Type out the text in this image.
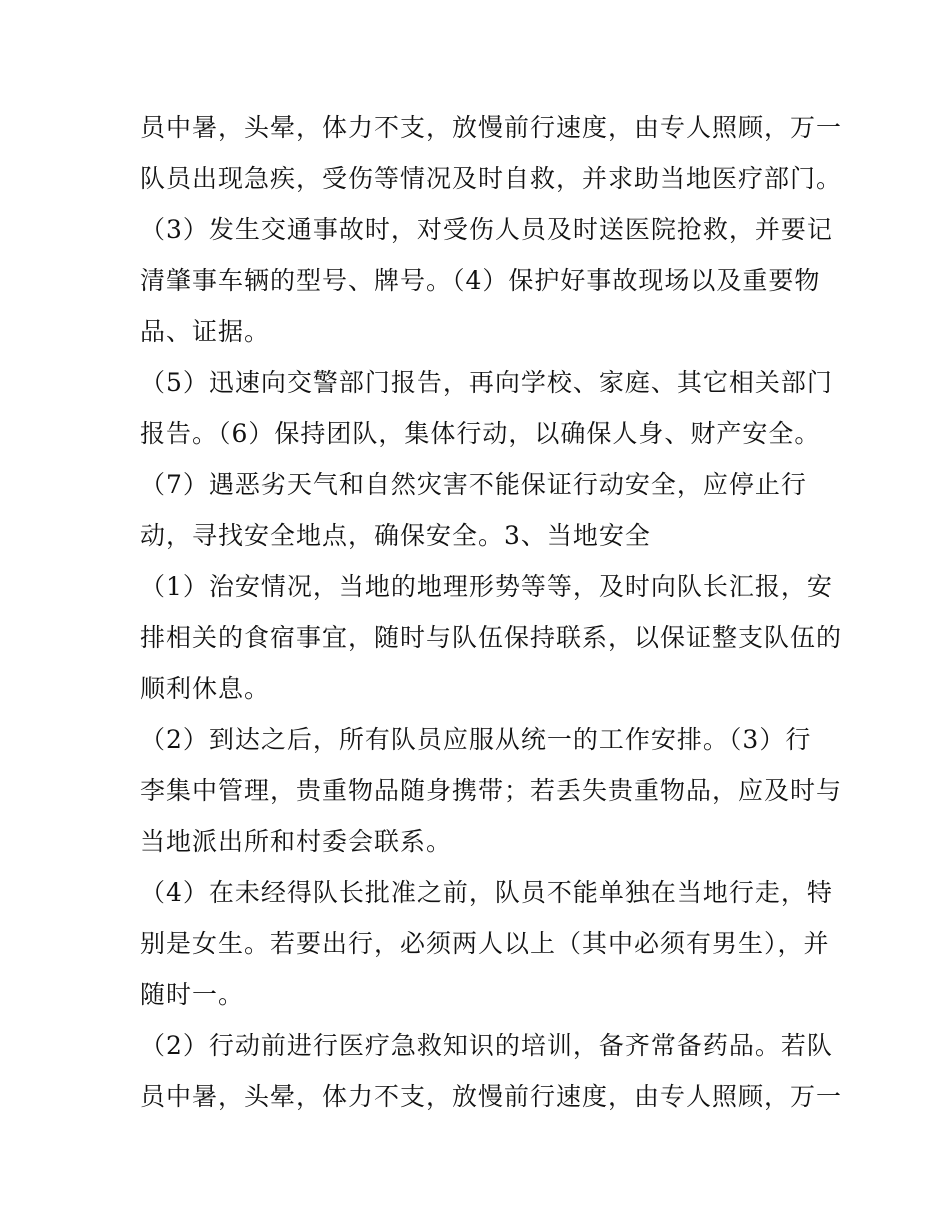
员中暑，头晕，体力不支，放慢前行速度，由专人照顾，万一
队员出现急疾，受伤等情况及时自救，并求助当地医疗部门。
（3）发生交通事故时，对受伤人员及时送医院抢救，并要记
清肇事车辆的型号、牌号。（4）保护好事故现场以及重要物
品、证据。
（5）迅速向交警部门报告，再向学校、家庭、其它相关部门
报告。（6）保持团队，集体行动，以确保人身、财产安全。
（7）遇恶劣天气和自然灾害不能保证行动安全，应停止行
动，寻找安全地点，确保安全。3、当地安全
（1）治安情况，当地的地理形势等等，及时向队长汇报，安
排相关的食宿事宜，随时与队伍保持联系，以保证整支队伍的
顺利休息。
（2）到达之后，所有队员应服从统一的工作安排。（3）行
李集中管理，贵重物品随身携带；若丢失贵重物品，应及时与
当地派出所和村委会联系。
（4）在未经得队长批准之前，队员不能单独在当地行走，特
别是女生。若要出行，必须两人以上（其中必须有男生），并
随时一。
（2）行动前进行医疗急救知识的培训，备齐常备药品。若队
员中暑，头晕，体力不支，放慢前行速度，由专人照顾，万一
